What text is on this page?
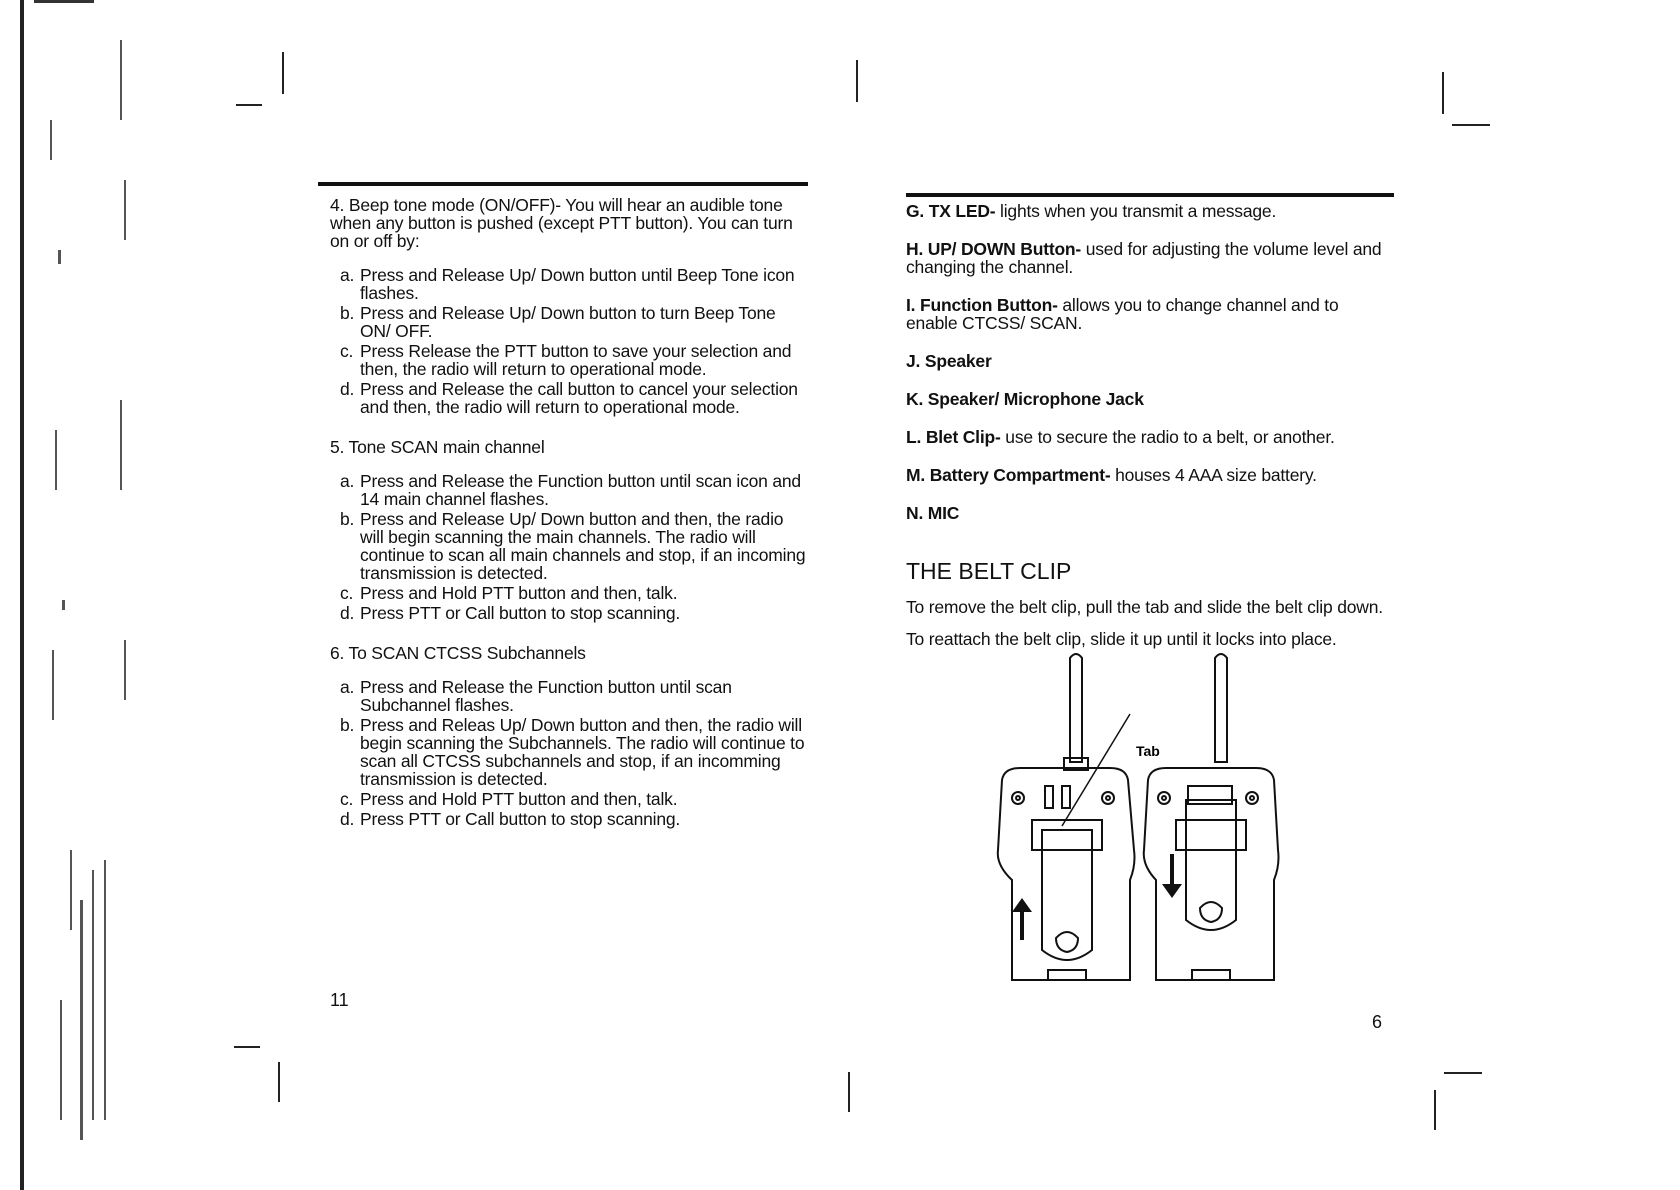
4. Beep tone mode (ON/OFF)- You will hear an audible tone when any button is pushed (except PTT button). You can turn on or off by:

a. Press and Release Up/ Down button until Beep Tone icon flashes.
b. Press and Release Up/ Down button to turn Beep Tone ON/ OFF.
c. Press Release the PTT button to save your selection and then, the radio will return to operational mode.
d. Press and Release the call button to cancel your selection and then, the radio will return to operational mode.

5. Tone SCAN main channel

a. Press and Release the Function button until scan icon and 14 main channel flashes.
b. Press and Release Up/ Down button and then, the radio will begin scanning the main channels. The radio will continue to scan all main channels and stop, if an incoming transmission is detected.
c. Press and Hold PTT button and then, talk.
d. Press PTT or Call button to stop scanning.

6. To SCAN CTCSS Subchannels

a. Press and Release the Function button until scan Subchannel flashes.
b. Press and Releas Up/ Down button and then, the radio will begin scanning the Subchannels. The radio will continue to scan all CTCSS subchannels and stop, if an incomming transmission is detected.
c. Press and Hold PTT button and then, talk.
d. Press PTT or Call button to stop scanning.
11

G. TX LED- lights when you transmit a message.

H. UP/ DOWN Button- used for adjusting the volume level and changing the channel.

I. Function Button- allows you to change channel and to enable CTCSS/ SCAN.

J. Speaker

K. Speaker/ Microphone Jack

L. Blet Clip- use to secure the radio to a belt, or another.

M. Battery Compartment- houses 4 AAA size battery.

N. MIC

THE BELT CLIP

To remove the belt clip, pull the tab and slide the belt clip down.

To reattach the belt clip, slide it up until it locks into place.

Tab
6
